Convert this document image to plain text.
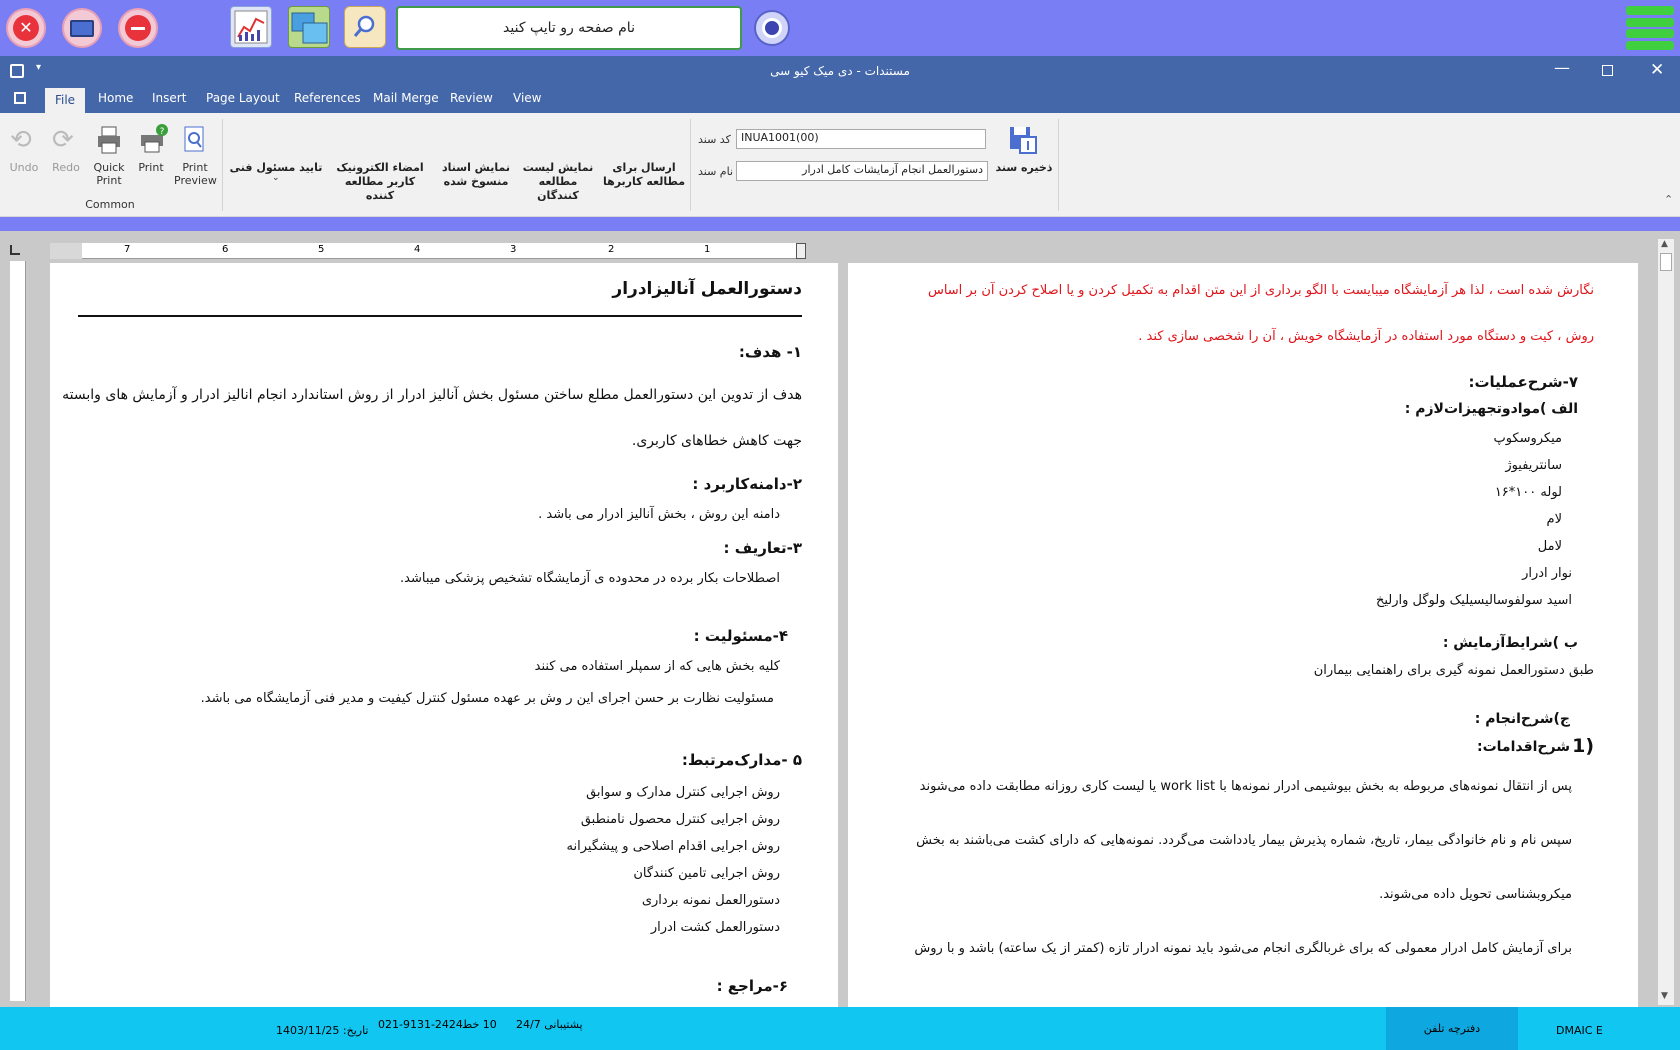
✕	نام صفحه رو تایپ کنید
▾	مستندات - دی میک کیو سی	—	✕
File	Home Insert Page Layout References Mail Merge Review View
⟲
Undo
⟳
Redo	Quick Print
?
Print	Print Preview
Common
تایید مسئول فنی
⌄
امضاء الکترونیک
کاربر مطالعه کننده
نمایش اسناد
منسوخ شده
نمایش لیست
مطالعه کنندگان
ارسال برای
مطالعه کاربرها
کد سند INUA1001(00)
نام سند	دستورالعمل انجام آزمایشات کامل ادرار	ذخیره سند
⌃
7	6	5	4	3	2	1
دستورالعمل آنالیزادرار
۱- هدف:
هدف از تدوین این دستورالعمل مطلع ساختن مسئول بخش آنالیز ادرار از روش استاندارد انجام انالیز ادرار و آزمایش های وابسته
جهت کاهش خطاهای کاربری.
۲-دامنه‌کاربرد :
دامنه این روش ، بخش آنالیز ادرار می باشد .
۳-تعاریف :
اصطلاحات بکار برده در محدوده ی آزمایشگاه تشخیص پزشکی میباشد.
۴-مسئولیت :
کلیه بخش هایی که از سمپلر استفاده می کنند
مسئولیت نظارت بر حسن اجرای این ر وش بر عهده مسئول کنترل کیفیت و مدیر فنی آزمایشگاه می باشد.
۵ -مدارک‌مرتبط:
روش اجرایی کنترل مدارک و سوابق
روش اجرایی کنترل محصول نامنطبق
روش اجرایی اقدام اصلاحی و پیشگیرانه
روش اجرایی تامین کنندگان
دستورالعمل نمونه برداری
دستورالعمل کشت ادرار
۶-مراجع :
نگارش شده است ، لذا هر آزمایشگاه میبایست با الگو برداری از این متن اقدام به تکمیل کردن و یا اصلاح کردن آن بر اساس
روش ، کیت و دستگاه مورد استفاده در آزمایشگاه خویش ، آن را شخصی سازی کند .
۷-شرح‌عملیات:
الف )مواد‌وتجهیزات‌لازم :
میکروسکوپ
سانتریفیوژ
لوله ۱۰۰*۱۶
لام
لامل
نوار ادرار
اسید سولفوسالیسیلیک ولوگل وارلیخ
ب )شرایط‌آزمایش :
طبق دستورالعمل نمونه گیری برای راهنمایی بیماران
ج)شرح‌انجام :
1)
شرح‌اقدامات:
پس از انتقال نمونه‌های مربوطه به بخش بیوشیمی ادرار نمونه‌ها با work list یا لیست کاری روزانه مطابقت داده می‌شوند
سپس نام و نام خانوادگی بیمار، تاریخ، شماره پذیرش بیمار یادداشت می‌گردد. نمونه‌هایی که دارای کشت می‌باشند به بخش
میکروبشناسی تحویل داده می‌شوند.
برای آزمایش کامل ادرار معمولی که برای غربالگری انجام می‌شود باید نمونه ادرار تازه (کمتر از یک ساعته) باشد و با روش
▲
▼
تاریخ: 1403/11/25	پشتیبانی 24/7
10 خط
021-9131-2424	دفترچه تلفن	DMAIC E
